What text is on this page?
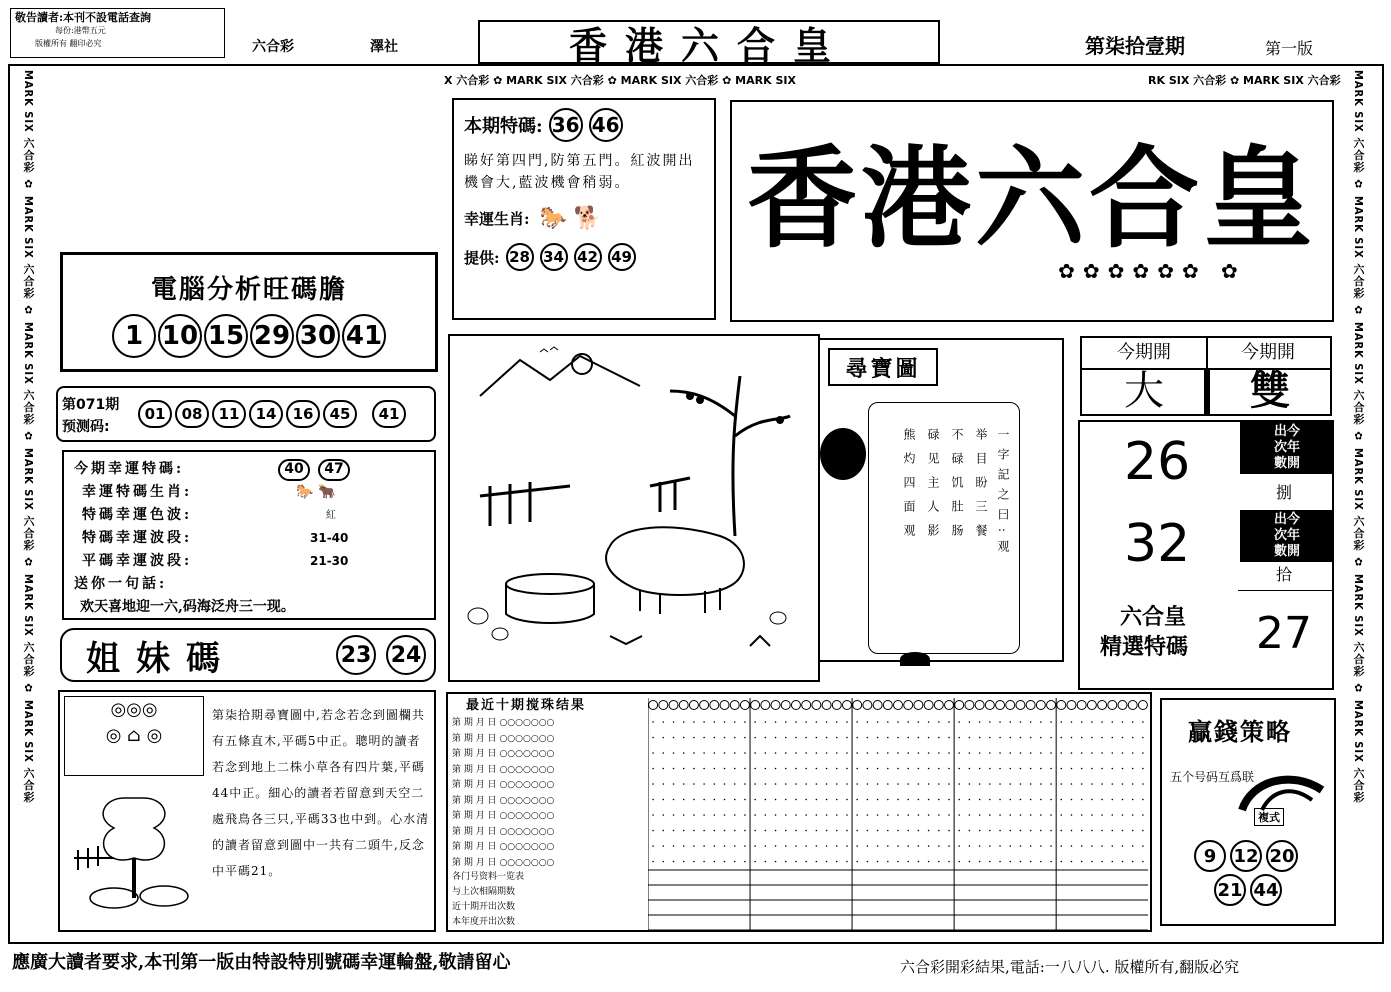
敬告讀者:本刊不設電話查詢
每份:港幣五元
版權所有 翻印必究	六合彩	澤社	香港六合皇	第柒拾壹期	第一版
X 六合彩 ✿ MARK SIX 六合彩 ✿ MARK SIX 六合彩 ✿ MARK SIX	RK SIX 六合彩 ✿ MARK SIX 六合彩
MARK SIX 六合彩 ✿ MARK SIX 六合彩 ✿ MARK SIX 六合彩 ✿ MARK SIX 六合彩 ✿ MARK SIX 六合彩 ✿ MARK SIX 六合彩	MARK SIX 六合彩 ✿ MARK SIX 六合彩 ✿ MARK SIX 六合彩 ✿ MARK SIX 六合彩 ✿ MARK SIX 六合彩 ✿ MARK SIX 六合彩
本期特碼: 36 46
睇好第四門,防第五門。紅波開出機會大,藍波機會稍弱。
幸運生肖: 🐎 🐕
提供: 28 34 42 49 香港六合皇
✿✿✿✿✿✿ ✿
電腦分析旺碼膽
1 10 15 29 30 41
第071期
预测码:
01	08	11	14	16	45	41
今期幸運特碼:	40	47
幸運特碼生肖:	🐎 🐂
特碼幸運色波:	紅
特碼幸運波段:	31-40
平碼幸運波段:	21-30
送你一句話:
欢天喜地迎一六,码海泛舟三一现。
姐妹碼	23 24
尋寶圖
一字記之曰:观
举目盼三餐
不碌饥肚肠
碌见主人影
熊灼四面观
今期開	今期開
大	雙
26
32
出今
次年
數開
捌
出今
次年
數開
拾
六合皇
精選特碼 27
◎◎◎
◎ ⌂ ◎
第柒拾期尋寶圖中,若念若念到圖欄共有五條直木,平碼5中正。聰明的讀者若念到地上二株小草各有四片葉,平碼44中正。細心的讀者若留意到天空二處飛鳥各三只,平碼33也中到。心水清的讀者留意到圖中一共有二頭牛,反念中平碼21。
最近十期搅珠结果
第 期 月 日 ○○○○○○○
第 期 月 日 ○○○○○○○
第 期 月 日 ○○○○○○○
第 期 月 日 ○○○○○○○
第 期 月 日 ○○○○○○○
第 期 月 日 ○○○○○○○
第 期 月 日 ○○○○○○○
第 期 月 日 ○○○○○○○
第 期 月 日 ○○○○○○○
第 期 月 日 ○○○○○○○
各门号资料一览表
与上次相隔期数
近十期开出次数
本年度开出次数
贏錢策略
五个号码互爲联
複式
9 12 20
21 44
應廣大讀者要求,本刊第一版由特設特別號碼幸運輪盤,敬請留心	六合彩開彩結果,電話:一八八八. 版權所有,翻版必究
